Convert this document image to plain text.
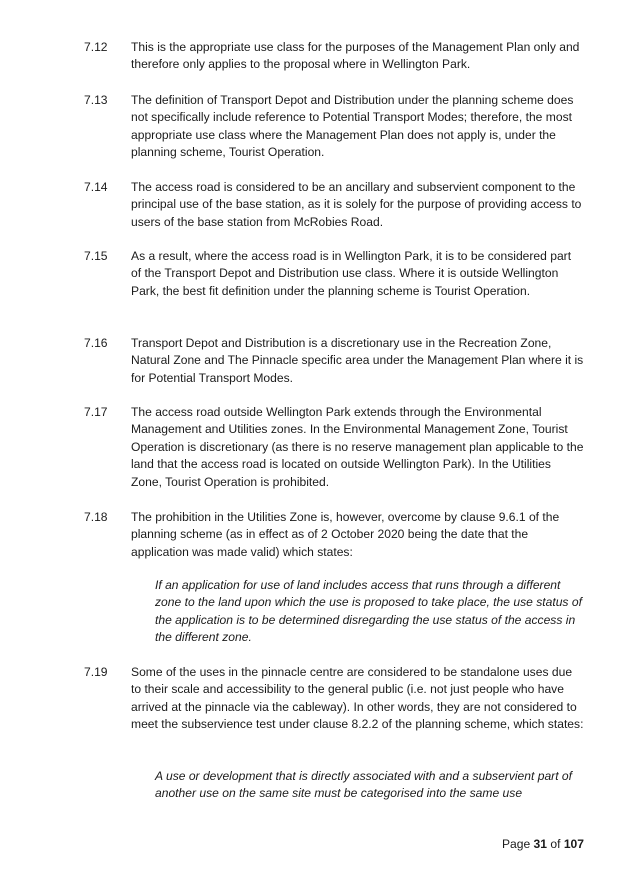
7.12	This is the appropriate use class for the purposes of the Management Plan only and therefore only applies to the proposal where in Wellington Park.
7.13	The definition of Transport Depot and Distribution under the planning scheme does not specifically include reference to Potential Transport Modes; therefore, the most appropriate use class where the Management Plan does not apply is, under the planning scheme, Tourist Operation.
7.14	The access road is considered to be an ancillary and subservient component to the principal use of the base station, as it is solely for the purpose of providing access to users of the base station from McRobies Road.
7.15	As a result, where the access road is in Wellington Park, it is to be considered part of the Transport Depot and Distribution use class. Where it is outside Wellington Park, the best fit definition under the planning scheme is Tourist Operation.
7.16	Transport Depot and Distribution is a discretionary use in the Recreation Zone, Natural Zone and The Pinnacle specific area under the Management Plan where it is for Potential Transport Modes.
7.17	The access road outside Wellington Park extends through the Environmental Management and Utilities zones. In the Environmental Management Zone, Tourist Operation is discretionary (as there is no reserve management plan applicable to the land that the access road is located on outside Wellington Park). In the Utilities Zone, Tourist Operation is prohibited.
7.18	The prohibition in the Utilities Zone is, however, overcome by clause 9.6.1 of the planning scheme (as in effect as of 2 October 2020 being the date that the application was made valid) which states:
If an application for use of land includes access that runs through a different zone to the land upon which the use is proposed to take place, the use status of the application is to be determined disregarding the use status of the access in the different zone.
7.19	Some of the uses in the pinnacle centre are considered to be standalone uses due to their scale and accessibility to the general public (i.e. not just people who have arrived at the pinnacle via the cableway). In other words, they are not considered to meet the subservience test under clause 8.2.2 of the planning scheme, which states:
A use or development that is directly associated with and a subservient part of another use on the same site must be categorised into the same use
Page 31 of 107
